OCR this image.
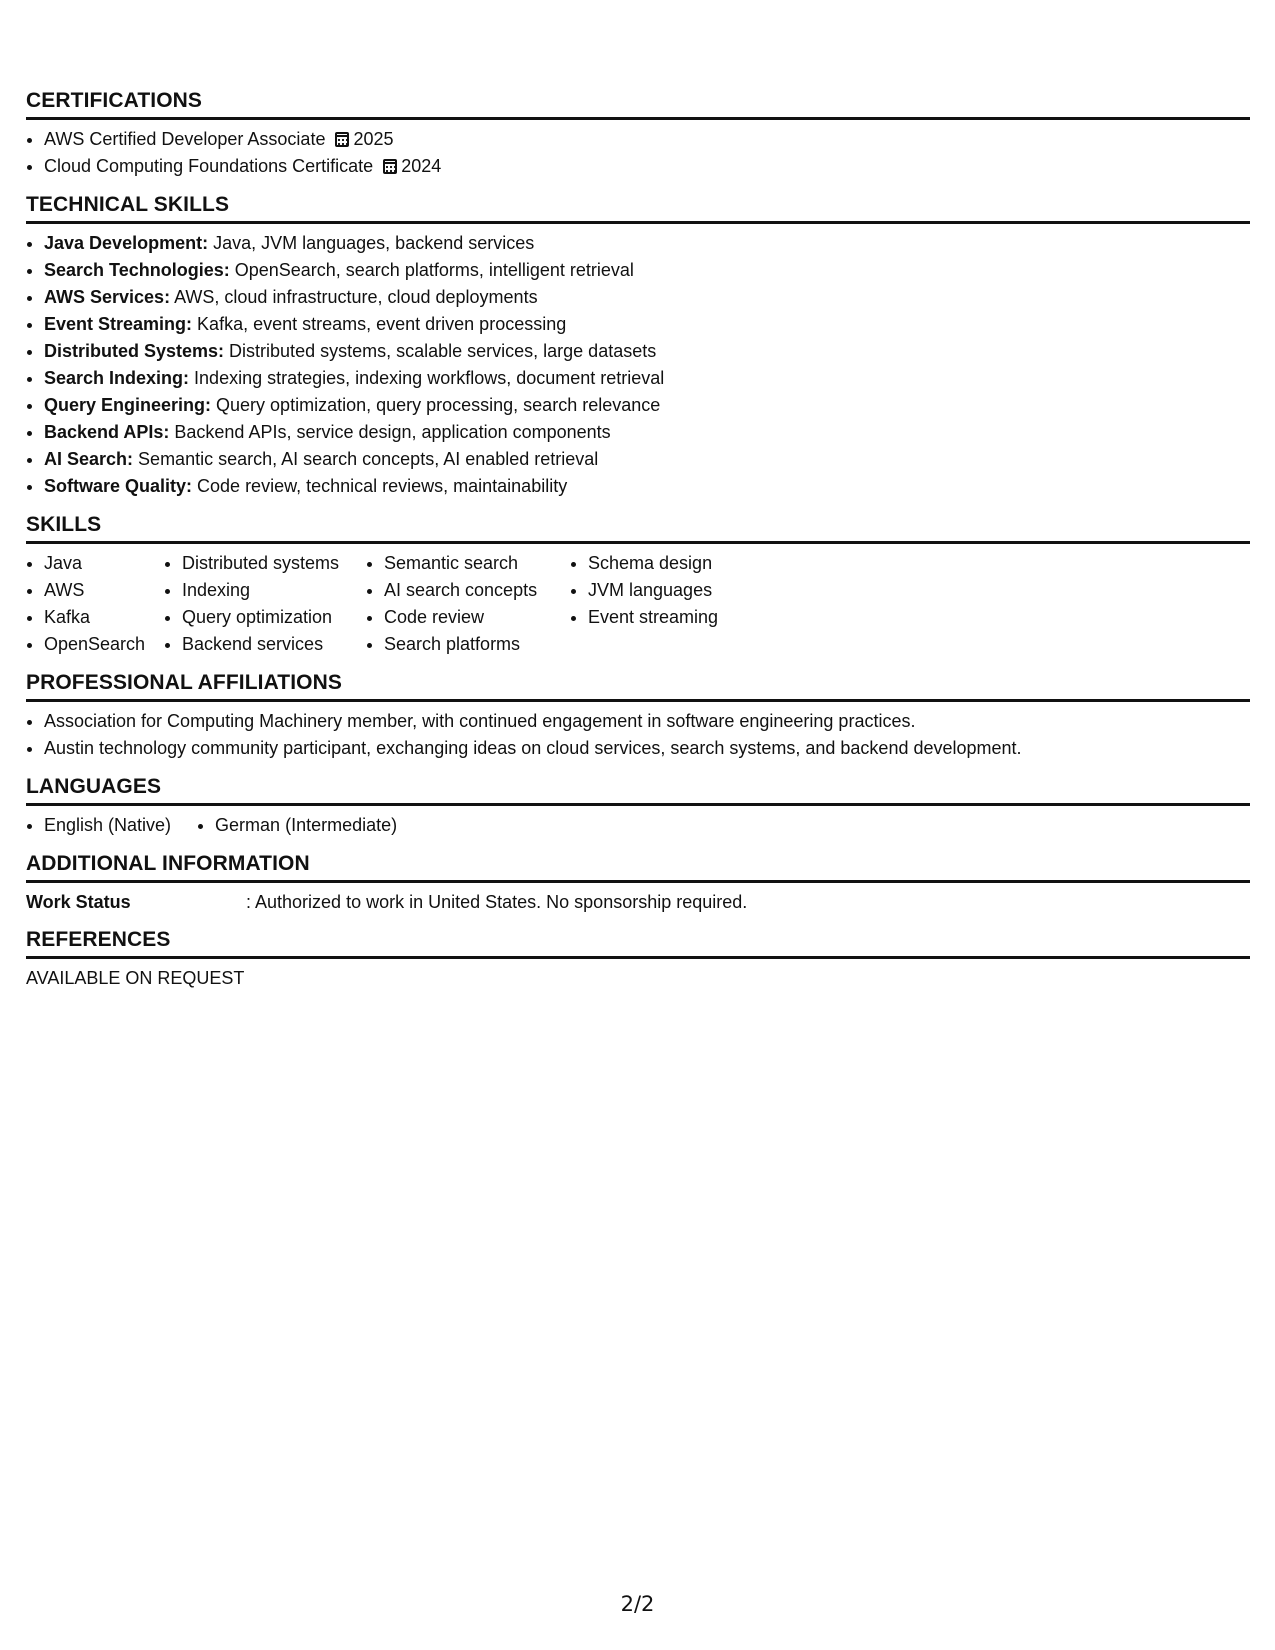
CERTIFICATIONS
• AWS Certified Developer Associate 2025
• Cloud Computing Foundations Certificate 2024
TECHNICAL SKILLS
• Java Development: Java, JVM languages, backend services
• Search Technologies: OpenSearch, search platforms, intelligent retrieval
• AWS Services: AWS, cloud infrastructure, cloud deployments
• Event Streaming: Kafka, event streams, event driven processing
• Distributed Systems: Distributed systems, scalable services, large datasets
• Search Indexing: Indexing strategies, indexing workflows, document retrieval
• Query Engineering: Query optimization, query processing, search relevance
• Backend APIs: Backend APIs, service design, application components
• AI Search: Semantic search, AI search concepts, AI enabled retrieval
• Software Quality: Code review, technical reviews, maintainability
SKILLS
• Java
• AWS
• Kafka
• OpenSearch
• Distributed systems
• Indexing
• Query optimization
• Backend services
• Semantic search
• AI search concepts
• Code review
• Search platforms
• Schema design
• JVM languages
• Event streaming
PROFESSIONAL AFFILIATIONS
• Association for Computing Machinery member, with continued engagement in software engineering practices.
• Austin technology community participant, exchanging ideas on cloud services, search systems, and backend development.
LANGUAGES
• English (Native)
• German (Intermediate)
ADDITIONAL INFORMATION
Work Status	: Authorized to work in United States. No sponsorship required.
REFERENCES
AVAILABLE ON REQUEST
2/2
